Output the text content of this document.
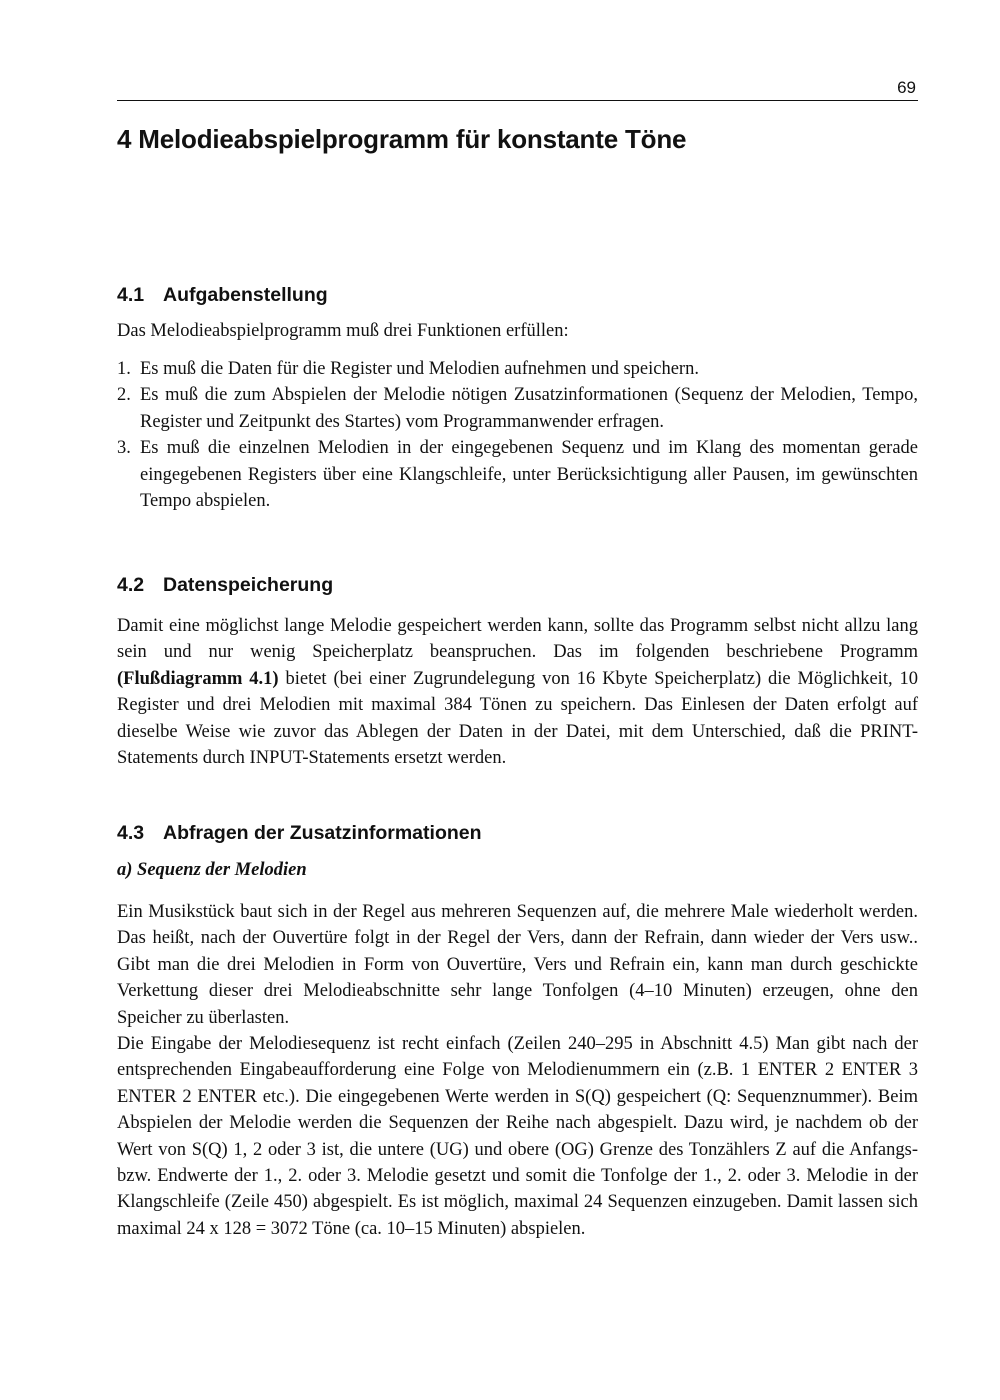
69
4 Melodieabspielprogramm für konstante Töne
4.1 Aufgabenstellung
Das Melodieabspielprogramm muß drei Funktionen erfüllen:
1. Es muß die Daten für die Register und Melodien aufnehmen und speichern.
2. Es muß die zum Abspielen der Melodie nötigen Zusatzinformationen (Sequenz der Melodien, Tempo, Register und Zeitpunkt des Startes) vom Programmanwender erfragen.
3. Es muß die einzelnen Melodien in der eingegebenen Sequenz und im Klang des momentan gerade eingegebenen Registers über eine Klangschleife, unter Berücksichtigung aller Pausen, im gewünschten Tempo abspielen.
4.2 Datenspeicherung

Damit eine möglichst lange Melodie gespeichert werden kann, sollte das Programm selbst nicht allzu lang sein und nur wenig Speicherplatz beanspruchen. Das im folgenden beschriebene Programm (Flußdiagramm 4.1) bietet (bei einer Zugrundelegung von 16 Kbyte Speicherplatz) die Möglichkeit, 10 Register und drei Melodien mit maximal 384 Tönen zu speichern. Das Einlesen der Daten erfolgt auf dieselbe Weise wie zuvor das Ablegen der Daten in der Datei, mit dem Unterschied, daß die PRINT-Statements durch INPUT-Statements ersetzt werden.

4.3 Abfragen der Zusatzinformationen
a) Sequenz der Melodien

Ein Musikstück baut sich in der Regel aus mehreren Sequenzen auf, die mehrere Male wiederholt werden. Das heißt, nach der Ouvertüre folgt in der Regel der Vers, dann der Refrain, dann wieder der Vers usw.. Gibt man die drei Melodien in Form von Ouvertüre, Vers und Refrain ein, kann man durch geschickte Verkettung dieser drei Melodieabschnitte sehr lange Tonfolgen (4–10 Minuten) erzeugen, ohne den Speicher zu überlasten.

Die Eingabe der Melodiesequenz ist recht einfach (Zeilen 240–295 in Abschnitt 4.5) Man gibt nach der entsprechenden Eingabeaufforderung eine Folge von Melodienummern ein (z.B. 1 ENTER 2 ENTER 3 ENTER 2 ENTER etc.). Die eingegebenen Werte werden in S(Q) gespeichert (Q: Sequenznummer). Beim Abspielen der Melodie werden die Sequenzen der Reihe nach abgespielt. Dazu wird, je nachdem ob der Wert von S(Q) 1, 2 oder 3 ist, die untere (UG) und obere (OG) Grenze des Tonzählers Z auf die Anfangs- bzw. Endwerte der 1., 2. oder 3. Melodie gesetzt und somit die Tonfolge der 1., 2. oder 3. Melodie in der Klangschleife (Zeile 450) abgespielt. Es ist möglich, maximal 24 Sequenzen einzugeben. Damit lassen sich maximal 24 x 128 = 3072 Töne (ca. 10–15 Minuten) abspielen.
